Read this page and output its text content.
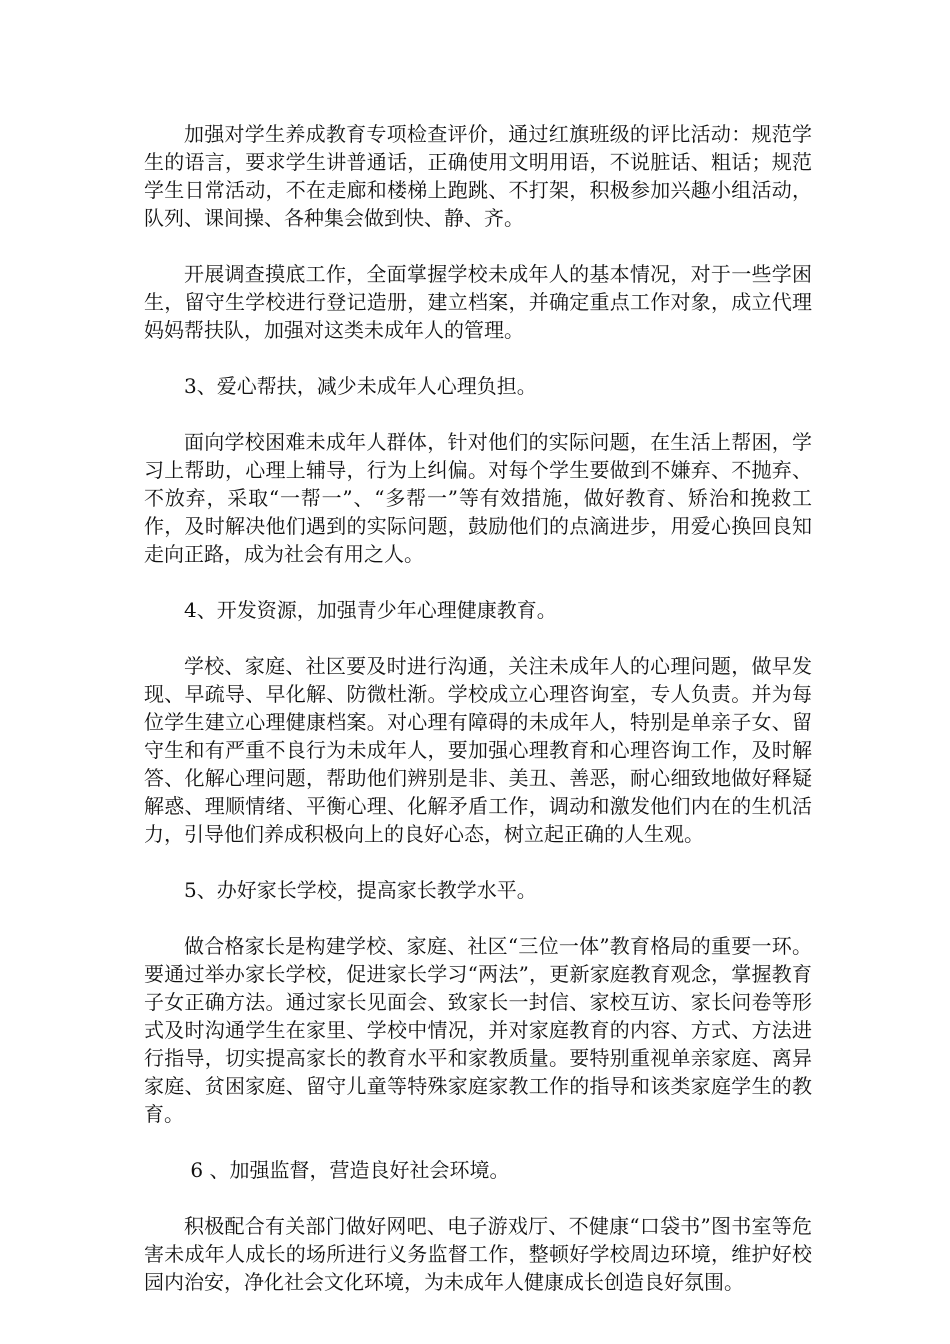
加强对学生养成教育专项检查评价，通过红旗班级的评比活动：规范学生的语言，要求学生讲普通话，正确使用文明用语，不说脏话、粗话；规范学生日常活动，不在走廊和楼梯上跑跳、不打架，积极参加兴趣小组活动，队列、课间操、各种集会做到快、静、齐。

开展调查摸底工作，全面掌握学校未成年人的基本情况，对于一些学困生，留守生学校进行登记造册，建立档案，并确定重点工作对象，成立代理妈妈帮扶队，加强对这类未成年人的管理。

3、爱心帮扶，减少未成年人心理负担。

面向学校困难未成年人群体，针对他们的实际问题，在生活上帮困，学习上帮助，心理上辅导，行为上纠偏。对每个学生要做到不嫌弃、不抛弃、不放弃，采取“一帮一”、“多帮一”等有效措施，做好教育、矫治和挽救工作，及时解决他们遇到的实际问题，鼓励他们的点滴进步，用爱心换回良知走向正路，成为社会有用之人。

4、开发资源，加强青少年心理健康教育。

学校、家庭、社区要及时进行沟通，关注未成年人的心理问题，做早发现、早疏导、早化解、防微杜渐。学校成立心理咨询室，专人负责。并为每位学生建立心理健康档案。对心理有障碍的未成年人，特别是单亲子女、留守生和有严重不良行为未成年人，要加强心理教育和心理咨询工作，及时解答、化解心理问题，帮助他们辨别是非、美丑、善恶，耐心细致地做好释疑解惑、理顺情绪、平衡心理、化解矛盾工作，调动和激发他们内在的生机活力，引导他们养成积极向上的良好心态，树立起正确的人生观。

5、办好家长学校，提高家长教学水平。

做合格家长是构建学校、家庭、社区“三位一体”教育格局的重要一环。要通过举办家长学校，促进家长学习“两法”，更新家庭教育观念，掌握教育子女正确方法。通过家长见面会、致家长一封信、家校互访、家长问卷等形式及时沟通学生在家里、学校中情况，并对家庭教育的内容、方式、方法进行指导，切实提高家长的教育水平和家教质量。要特别重视单亲家庭、离异家庭、贫困家庭、留守儿童等特殊家庭家教工作的指导和该类家庭学生的教育。

6 、加强监督，营造良好社会环境。

积极配合有关部门做好网吧、电子游戏厅、不健康“口袋书”图书室等危害未成年人成长的场所进行义务监督工作，整顿好学校周边环境，维护好校园内治安，净化社会文化环境，为未成年人健康成长创造良好氛围。
